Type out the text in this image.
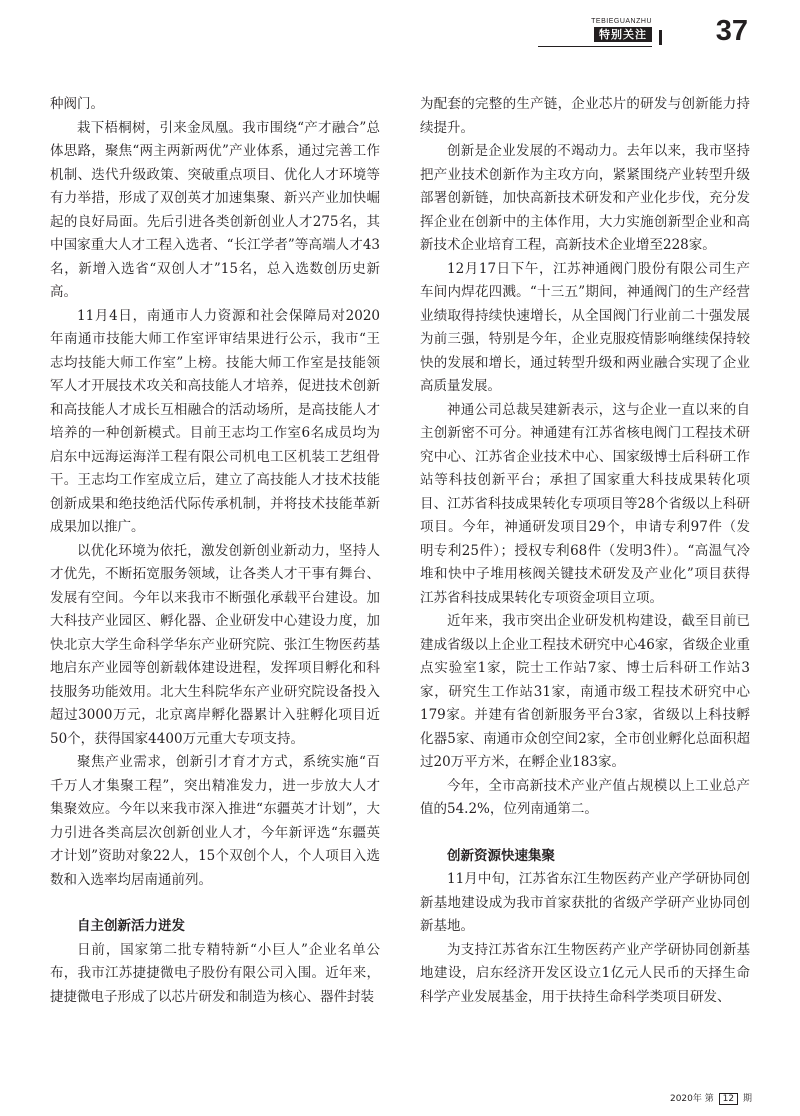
TEBIEGUANZHU
特别关注 37

种阀门。

栽下梧桐树，引来金凤凰。我市围绕“产才融合”总体思路，聚焦“两主两新两优”产业体系，通过完善工作机制、迭代升级政策、突破重点项目、优化人才环境等有力举措，形成了双创英才加速集聚、新兴产业加快崛起的良好局面。先后引进各类创新创业人才275名，其中国家重大人才工程入选者、“长江学者”等高端人才43名，新增入选省“双创人才”15名，总入选数创历史新高。

11月4日，南通市人力资源和社会保障局对2020年南通市技能大师工作室评审结果进行公示，我市“王志均技能大师工作室”上榜。技能大师工作室是技能领军人才开展技术攻关和高技能人才培养，促进技术创新和高技能人才成长互相融合的活动场所，是高技能人才培养的一种创新模式。目前王志均工作室6名成员均为启东中远海运海洋工程有限公司机电工区机装工艺组骨干。王志均工作室成立后，建立了高技能人才技术技能创新成果和绝技绝活代际传承机制，并将技术技能革新成果加以推广。

以优化环境为依托，激发创新创业新动力，坚持人才优先，不断拓宽服务领域，让各类人才干事有舞台、发展有空间。今年以来我市不断强化承载平台建设。加大科技产业园区、孵化器、企业研发中心建设力度，加快北京大学生命科学华东产业研究院、张江生物医药基地启东产业园等创新载体建设进程，发挥项目孵化和科技服务功能效用。北大生科院华东产业研究院设备投入超过3000万元，北京离岸孵化器累计入驻孵化项目近50个，获得国家4400万元重大专项支持。

聚焦产业需求，创新引才育才方式，系统实施“百千万人才集聚工程”，突出精准发力，进一步放大人才集聚效应。今年以来我市深入推进“东疆英才计划”，大力引进各类高层次创新创业人才，今年新评选“东疆英才计划”资助对象22人，15个双创个人，个人项目入选数和入选率均居南通前列。

自主创新活力迸发

日前，国家第二批专精特新“小巨人”企业名单公布，我市江苏捷捷微电子股份有限公司入围。近年来，捷捷微电子形成了以芯片研发和制造为核心、器件封装

为配套的完整的生产链，企业芯片的研发与创新能力持续提升。

创新是企业发展的不竭动力。去年以来，我市坚持把产业技术创新作为主攻方向，紧紧围绕产业转型升级部署创新链，加快高新技术研发和产业化步伐，充分发挥企业在创新中的主体作用，大力实施创新型企业和高新技术企业培育工程，高新技术企业增至228家。

12月17日下午，江苏神通阀门股份有限公司生产车间内焊花四溅。“十三五”期间，神通阀门的生产经营业绩取得持续快速增长，从全国阀门行业前二十强发展为前三强，特别是今年，企业克服疫情影响继续保持较快的发展和增长，通过转型升级和两业融合实现了企业高质量发展。

神通公司总裁吴建新表示，这与企业一直以来的自主创新密不可分。神通建有江苏省核电阀门工程技术研究中心、江苏省企业技术中心、国家级博士后科研工作站等科技创新平台；承担了国家重大科技成果转化项目、江苏省科技成果转化专项项目等28个省级以上科研项目。今年，神通研发项目29个，申请专利97件（发明专利25件）；授权专利68件（发明3件）。“高温气冷堆和快中子堆用核阀关键技术研发及产业化”项目获得江苏省科技成果转化专项资金项目立项。

近年来，我市突出企业研发机构建设，截至目前已建成省级以上企业工程技术研究中心46家，省级企业重点实验室1家，院士工作站7家、博士后科研工作站3家，研究生工作站31家，南通市级工程技术研究中心179家。并建有省创新服务平台3家，省级以上科技孵化器5家、南通市众创空间2家，全市创业孵化总面积超过20万平方米，在孵企业183家。

今年，全市高新技术产业产值占规模以上工业总产值的54.2%，位列南通第二。

创新资源快速集聚

11月中旬，江苏省东江生物医药产业产学研协同创新基地建设成为我市首家获批的省级产学研产业协同创新基地。

为支持江苏省东江生物医药产业产学研协同创新基地建设，启东经济开发区设立1亿元人民币的天择生命科学产业发展基金，用于扶持生命科学类项目研发、

2020年 第 12 期
